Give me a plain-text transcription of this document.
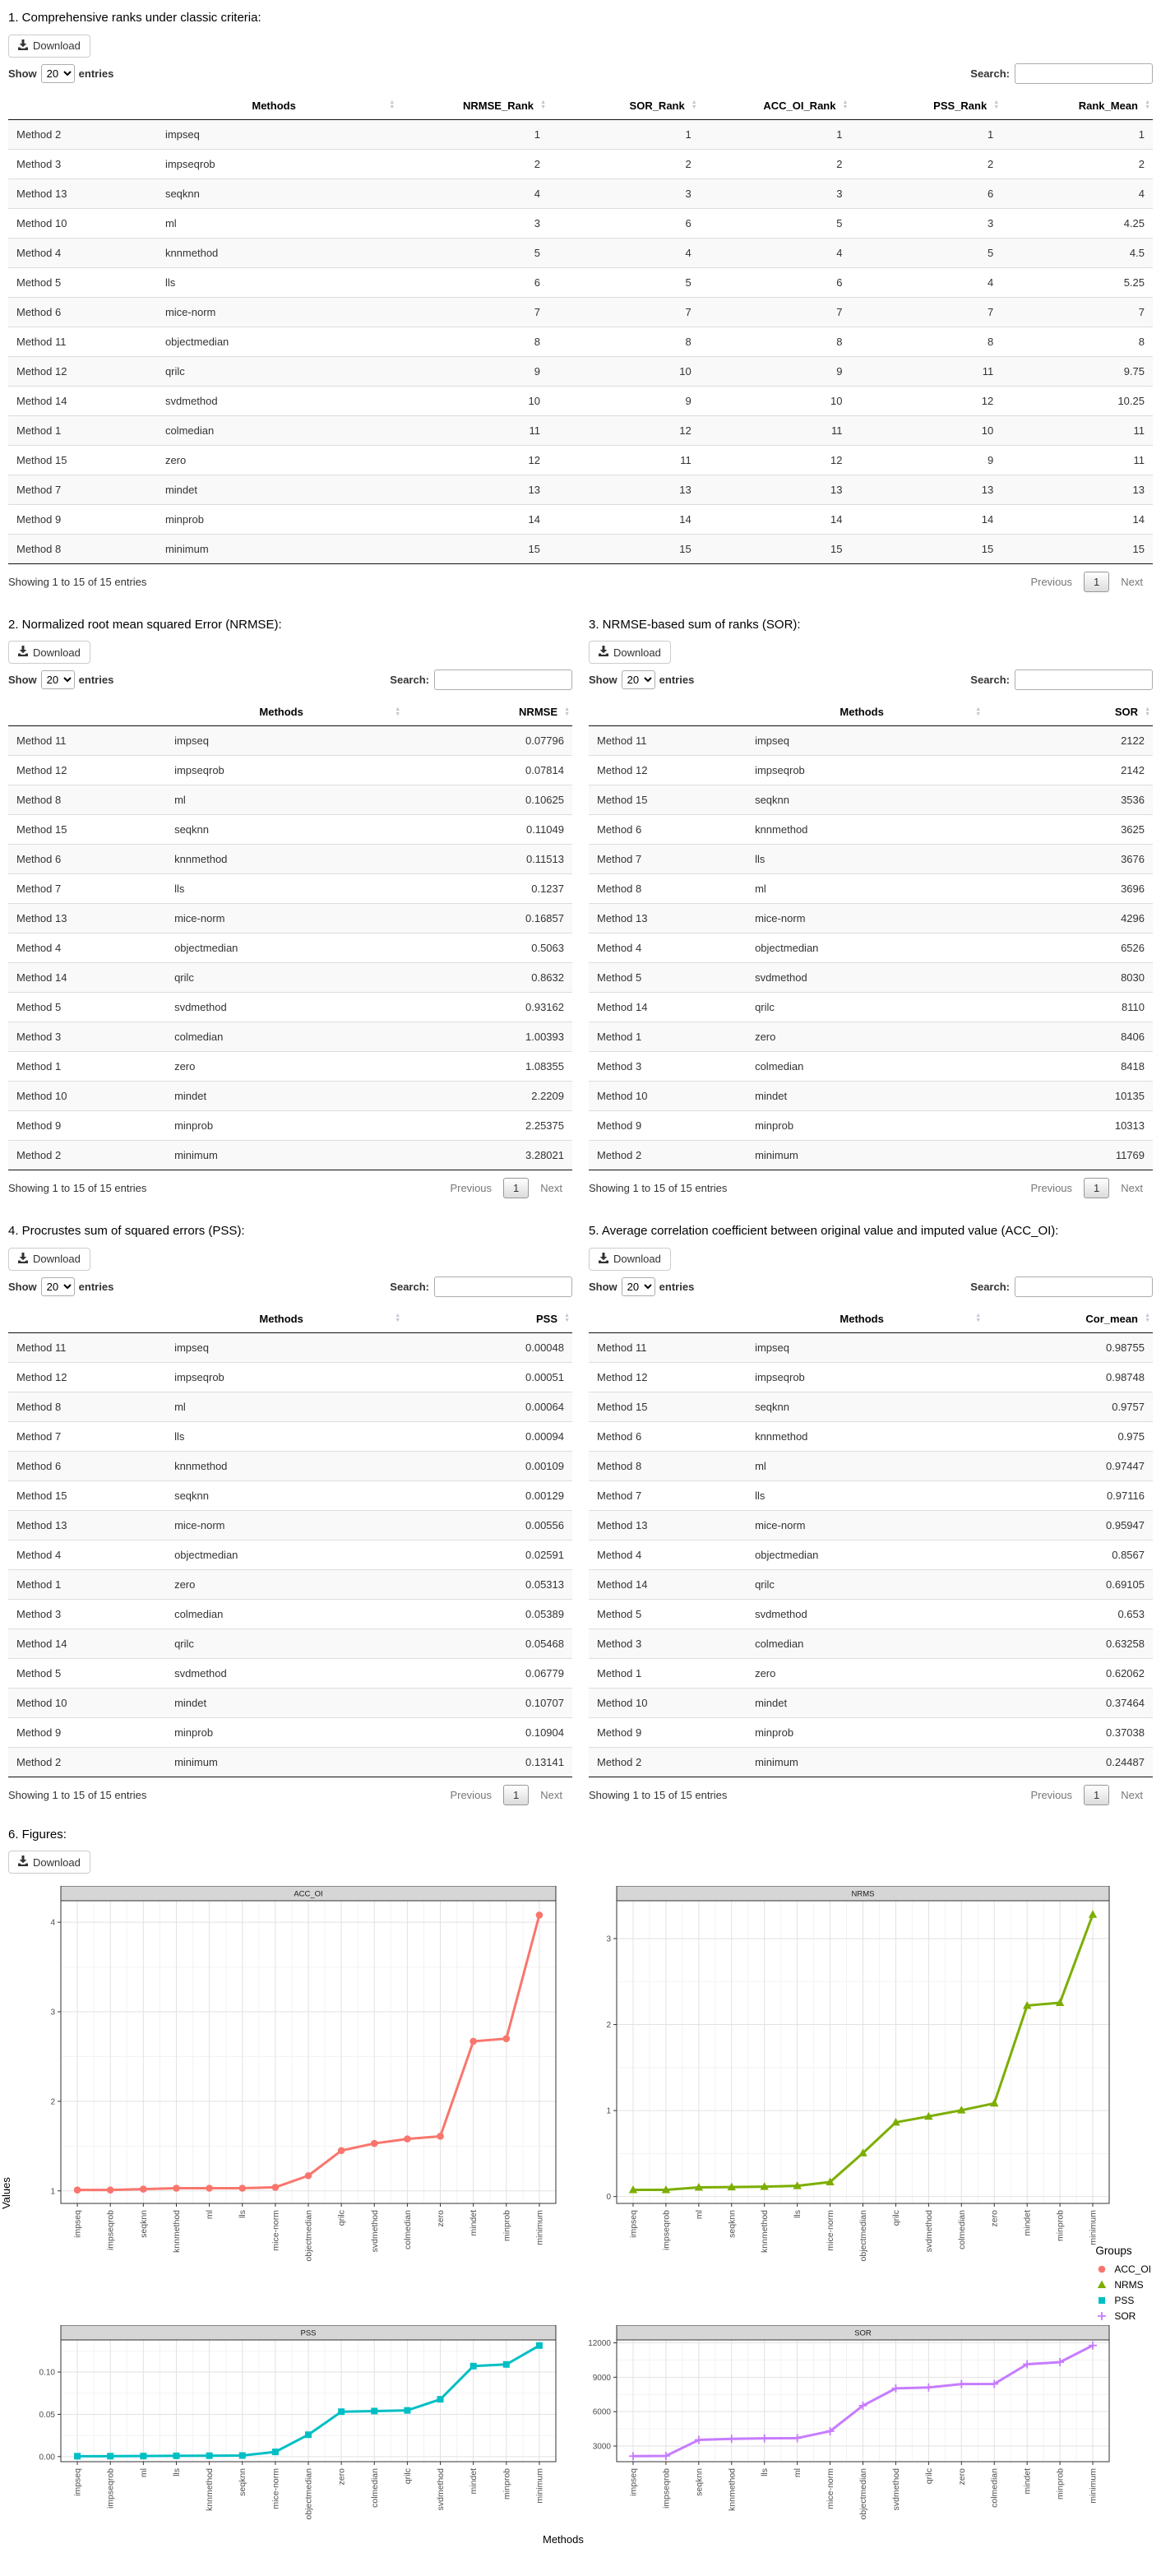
1. Comprehensive ranks under classic criteria:
Download
Show
20	entries	Search:
	Methods ▲
▼	NRMSE_Rank ▲
▼	SOR_Rank ▲
▼	ACC_OI_Rank ▲
▼	PSS_Rank ▲
▼	Rank_Mean ▲
▼

Method 2	impseq	1	1	1	1	1
Method 3	impseqrob	2	2	2	2	2
Method 13	seqknn	4	3	3	6	4
Method 10	ml	3	6	5	3	4.25
Method 4	knnmethod	5	4	4	5	4.5
Method 5	lls	6	5	6	4	5.25
Method 6	mice-norm	7	7	7	7	7
Method 11	objectmedian	8	8	8	8	8
Method 12	qrilc	9	10	9	11	9.75
Method 14	svdmethod	10	9	10	12	10.25
Method 1	colmedian	11	12	11	10	11
Method 15	zero	12	11	12	9	11
Method 7	mindet	13	13	13	13	13
Method 9	minprob	14	14	14	14	14
Method 8	minimum	15	15	15	15	15
Showing 1 to 15 of 15 entries	Previous	1	Next
2. Normalized root mean squared Error (NRMSE):
Download
Show
20	entries	Search:
	Methods ▲
▼	NRMSE ▲
▼

Method 11	impseq	0.07796
Method 12	impseqrob	0.07814
Method 8	ml	0.10625
Method 15	seqknn	0.11049
Method 6	knnmethod	0.11513
Method 7	lls	0.1237
Method 13	mice-norm	0.16857
Method 4	objectmedian	0.5063
Method 14	qrilc	0.8632
Method 5	svdmethod	0.93162
Method 3	colmedian	1.00393
Method 1	zero	1.08355
Method 10	mindet	2.2209
Method 9	minprob	2.25375
Method 2	minimum	3.28021
Showing 1 to 15 of 15 entries	Previous	1	Next
3. NRMSE-based sum of ranks (SOR):
Download
Show
20	entries	Search:
	Methods ▲
▼	SOR ▲
▼

Method 11	impseq	2122
Method 12	impseqrob	2142
Method 15	seqknn	3536
Method 6	knnmethod	3625
Method 7	lls	3676
Method 8	ml	3696
Method 13	mice-norm	4296
Method 4	objectmedian	6526
Method 5	svdmethod	8030
Method 14	qrilc	8110
Method 1	zero	8406
Method 3	colmedian	8418
Method 10	mindet	10135
Method 9	minprob	10313
Method 2	minimum	11769
Showing 1 to 15 of 15 entries	Previous	1	Next
4. Procrustes sum of squared errors (PSS):
Download
Show
20	entries	Search:
	Methods ▲
▼	PSS ▲
▼

Method 11	impseq	0.00048
Method 12	impseqrob	0.00051
Method 8	ml	0.00064
Method 7	lls	0.00094
Method 6	knnmethod	0.00109
Method 15	seqknn	0.00129
Method 13	mice-norm	0.00556
Method 4	objectmedian	0.02591
Method 1	zero	0.05313
Method 3	colmedian	0.05389
Method 14	qrilc	0.05468
Method 5	svdmethod	0.06779
Method 10	mindet	0.10707
Method 9	minprob	0.10904
Method 2	minimum	0.13141
Showing 1 to 15 of 15 entries	Previous	1	Next
5. Average correlation coefficient between original value and imputed value (ACC_OI):
Download
Show
20	entries	Search:
	Methods ▲
▼	Cor_mean ▲
▼

Method 11	impseq	0.98755
Method 12	impseqrob	0.98748
Method 15	seqknn	0.9757
Method 6	knnmethod	0.975
Method 8	ml	0.97447
Method 7	lls	0.97116
Method 13	mice-norm	0.95947
Method 4	objectmedian	0.8567
Method 14	qrilc	0.69105
Method 5	svdmethod	0.653
Method 3	colmedian	0.63258
Method 1	zero	0.62062
Method 10	mindet	0.37464
Method 9	minprob	0.37038
Method 2	minimum	0.24487
Showing 1 to 15 of 15 entries	Previous	1	Next
6. Figures:
Download
Values	1
2
3
4
ACC_OI
impseq	impseqrob	seqknn	knnmethod	ml	lls	mice-norm	objectmedian	qrilc	svdmethod	colmedian	zero	mindet	minprob	minimum
0
1
2
3
NRMS
impseq	impseqrob	ml	seqknn	knnmethod	lls	mice-norm	objectmedian	qrilc	svdmethod	colmedian	zero	mindet	minprob	minimum
0.00
0.05
0.10
PSS
impseq	impseqrob	ml	lls	knnmethod	seqknn	mice-norm	objectmedian	zero	colmedian	qrilc	svdmethod	mindet	minprob	minimum
3000
6000
9000
12000
SOR
impseq	impseqrob	seqknn	knnmethod	lls	ml	mice-norm	objectmedian	svdmethod	qrilc	zero	colmedian	mindet	minprob	minimum
Groups
ACC_OI
NRMS
PSS
SOR
Methods
